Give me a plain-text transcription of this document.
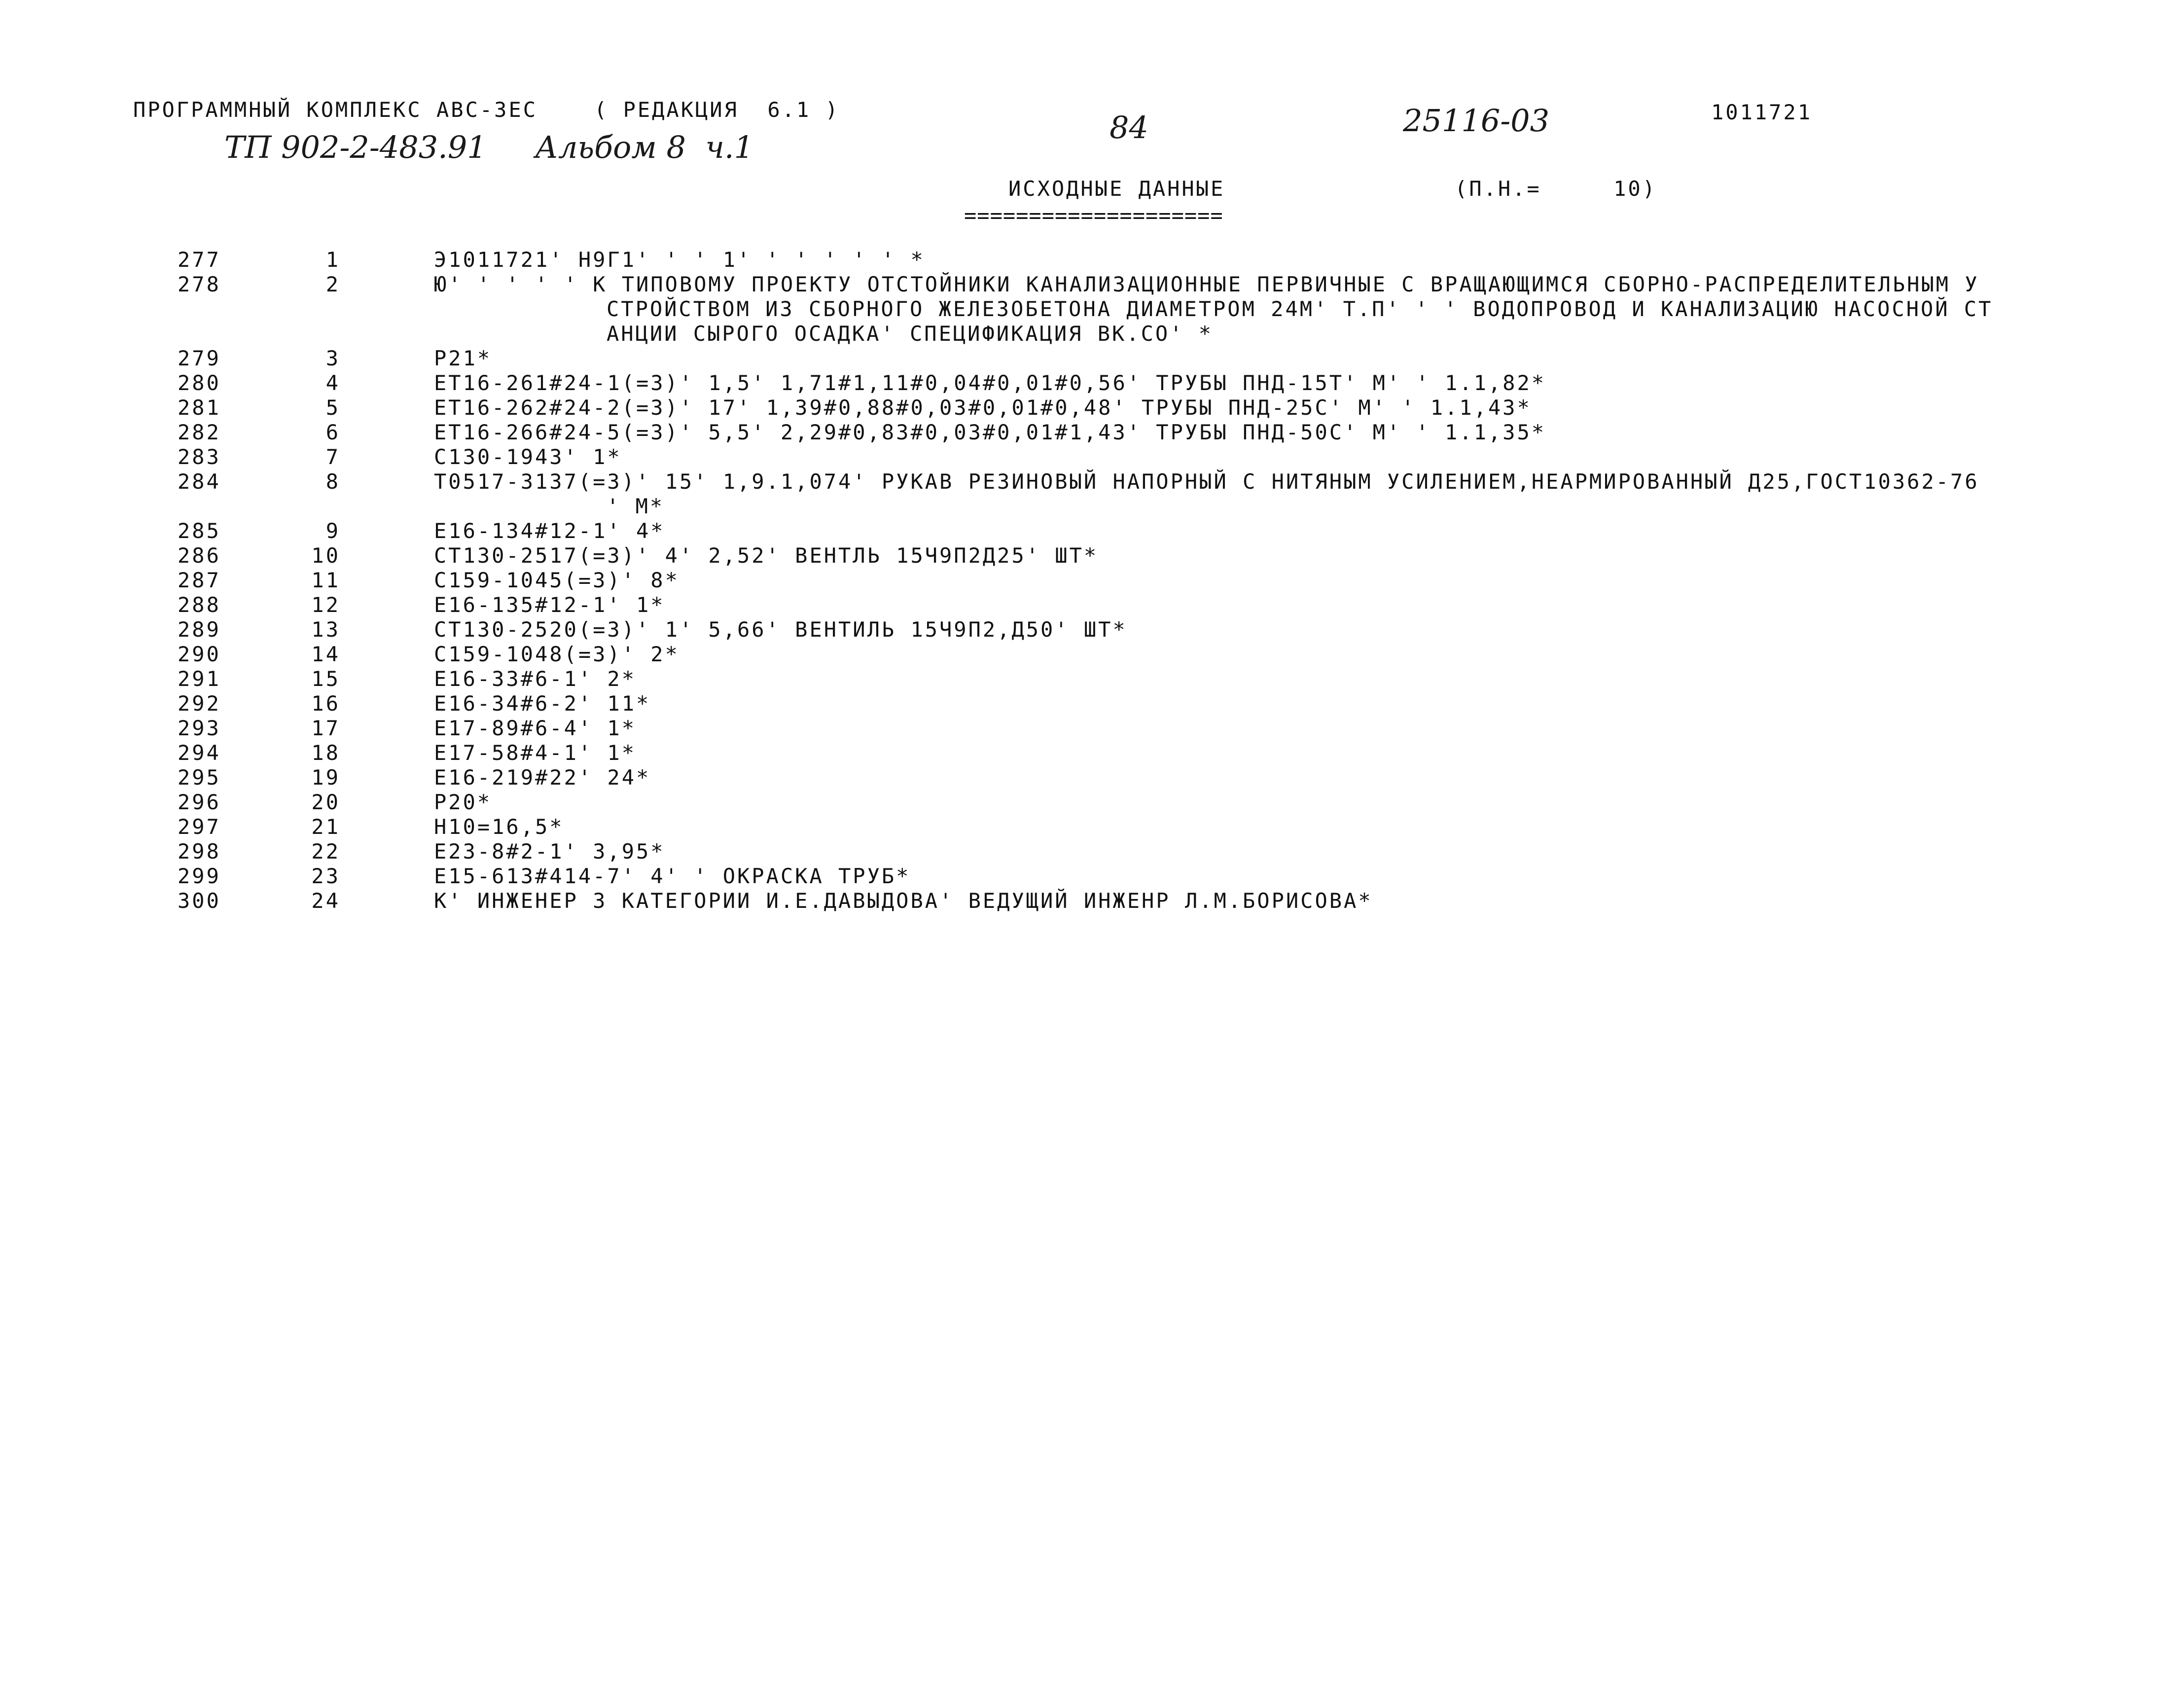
ПРОГРАММНЫЙ КОМПЛЕКС АВС-3ЕС	( РЕДАКЦИЯ  6.1 )	1011721
ТП 902-2-483.91 Альбом 8  ч.1
84	25116-03
ИСХОДНЫЕ ДАННЫЕ
====================
(П.Н.=     10)
277	1	Э1011721' Н9Г1' ' ' 1' ' ' ' ' ' *
278	2	Ю' ' ' ' ' К ТИПОВОМУ ПРОЕКТУ ОТСТОЙНИКИ КАНАЛИЗАЦИОННЫЕ ПЕРВИЧНЫЕ С ВРАЩАЮЩИМСЯ СБОРНО-РАСПРЕДЕЛИТЕЛЬНЫМ У
СТРОЙСТВОМ ИЗ СБОРНОГО ЖЕЛЕЗОБЕТОНА ДИАМЕТРОМ 24М' Т.П' ' ' ВОДОПРОВОД И КАНАЛИЗАЦИЮ НАСОСНОЙ СТ
АНЦИИ СЫРОГО ОСАДКА' СПЕЦИФИКАЦИЯ ВК.СО' *
279	3	Р21*
280	4	ЕТ16-261#24-1(=3)' 1,5' 1,71#1,11#0,04#0,01#0,56' ТРУБЫ ПНД-15Т' М' ' 1.1,82*
281	5	ЕТ16-262#24-2(=3)' 17' 1,39#0,88#0,03#0,01#0,48' ТРУБЫ ПНД-25С' М' ' 1.1,43*
282	6	ЕТ16-266#24-5(=3)' 5,5' 2,29#0,83#0,03#0,01#1,43' ТРУБЫ ПНД-50С' М' ' 1.1,35*
283	7	С130-1943' 1*
284	8	Т0517-3137(=3)' 15' 1,9.1,074' РУКАВ РЕЗИНОВЫЙ НАПОРНЫЙ С НИТЯНЫМ УСИЛЕНИЕМ,НЕАРМИРОВАННЫЙ Д25,ГОСТ10362-76
' М*
285	9	Е16-134#12-1' 4*
286	10	СТ130-2517(=3)' 4' 2,52' ВЕНТЛЬ 15Ч9П2Д25' ШТ*
287	11	С159-1045(=3)' 8*
288	12	Е16-135#12-1' 1*
289	13	СТ130-2520(=3)' 1' 5,66' ВЕНТИЛЬ 15Ч9П2,Д50' ШТ*
290	14	С159-1048(=3)' 2*
291	15	Е16-33#6-1' 2*
292	16	Е16-34#6-2' 11*
293	17	Е17-89#6-4' 1*
294	18	Е17-58#4-1' 1*
295	19	Е16-219#22' 24*
296	20	Р20*
297	21	Н10=16,5*
298	22	Е23-8#2-1' 3,95*
299	23	Е15-613#414-7' 4' ' ОКРАСКА ТРУБ*
300	24	К' ИНЖЕНЕР 3 КАТЕГОРИИ И.Е.ДАВЫДОВА' ВЕДУЩИЙ ИНЖЕНР Л.М.БОРИСОВА*
